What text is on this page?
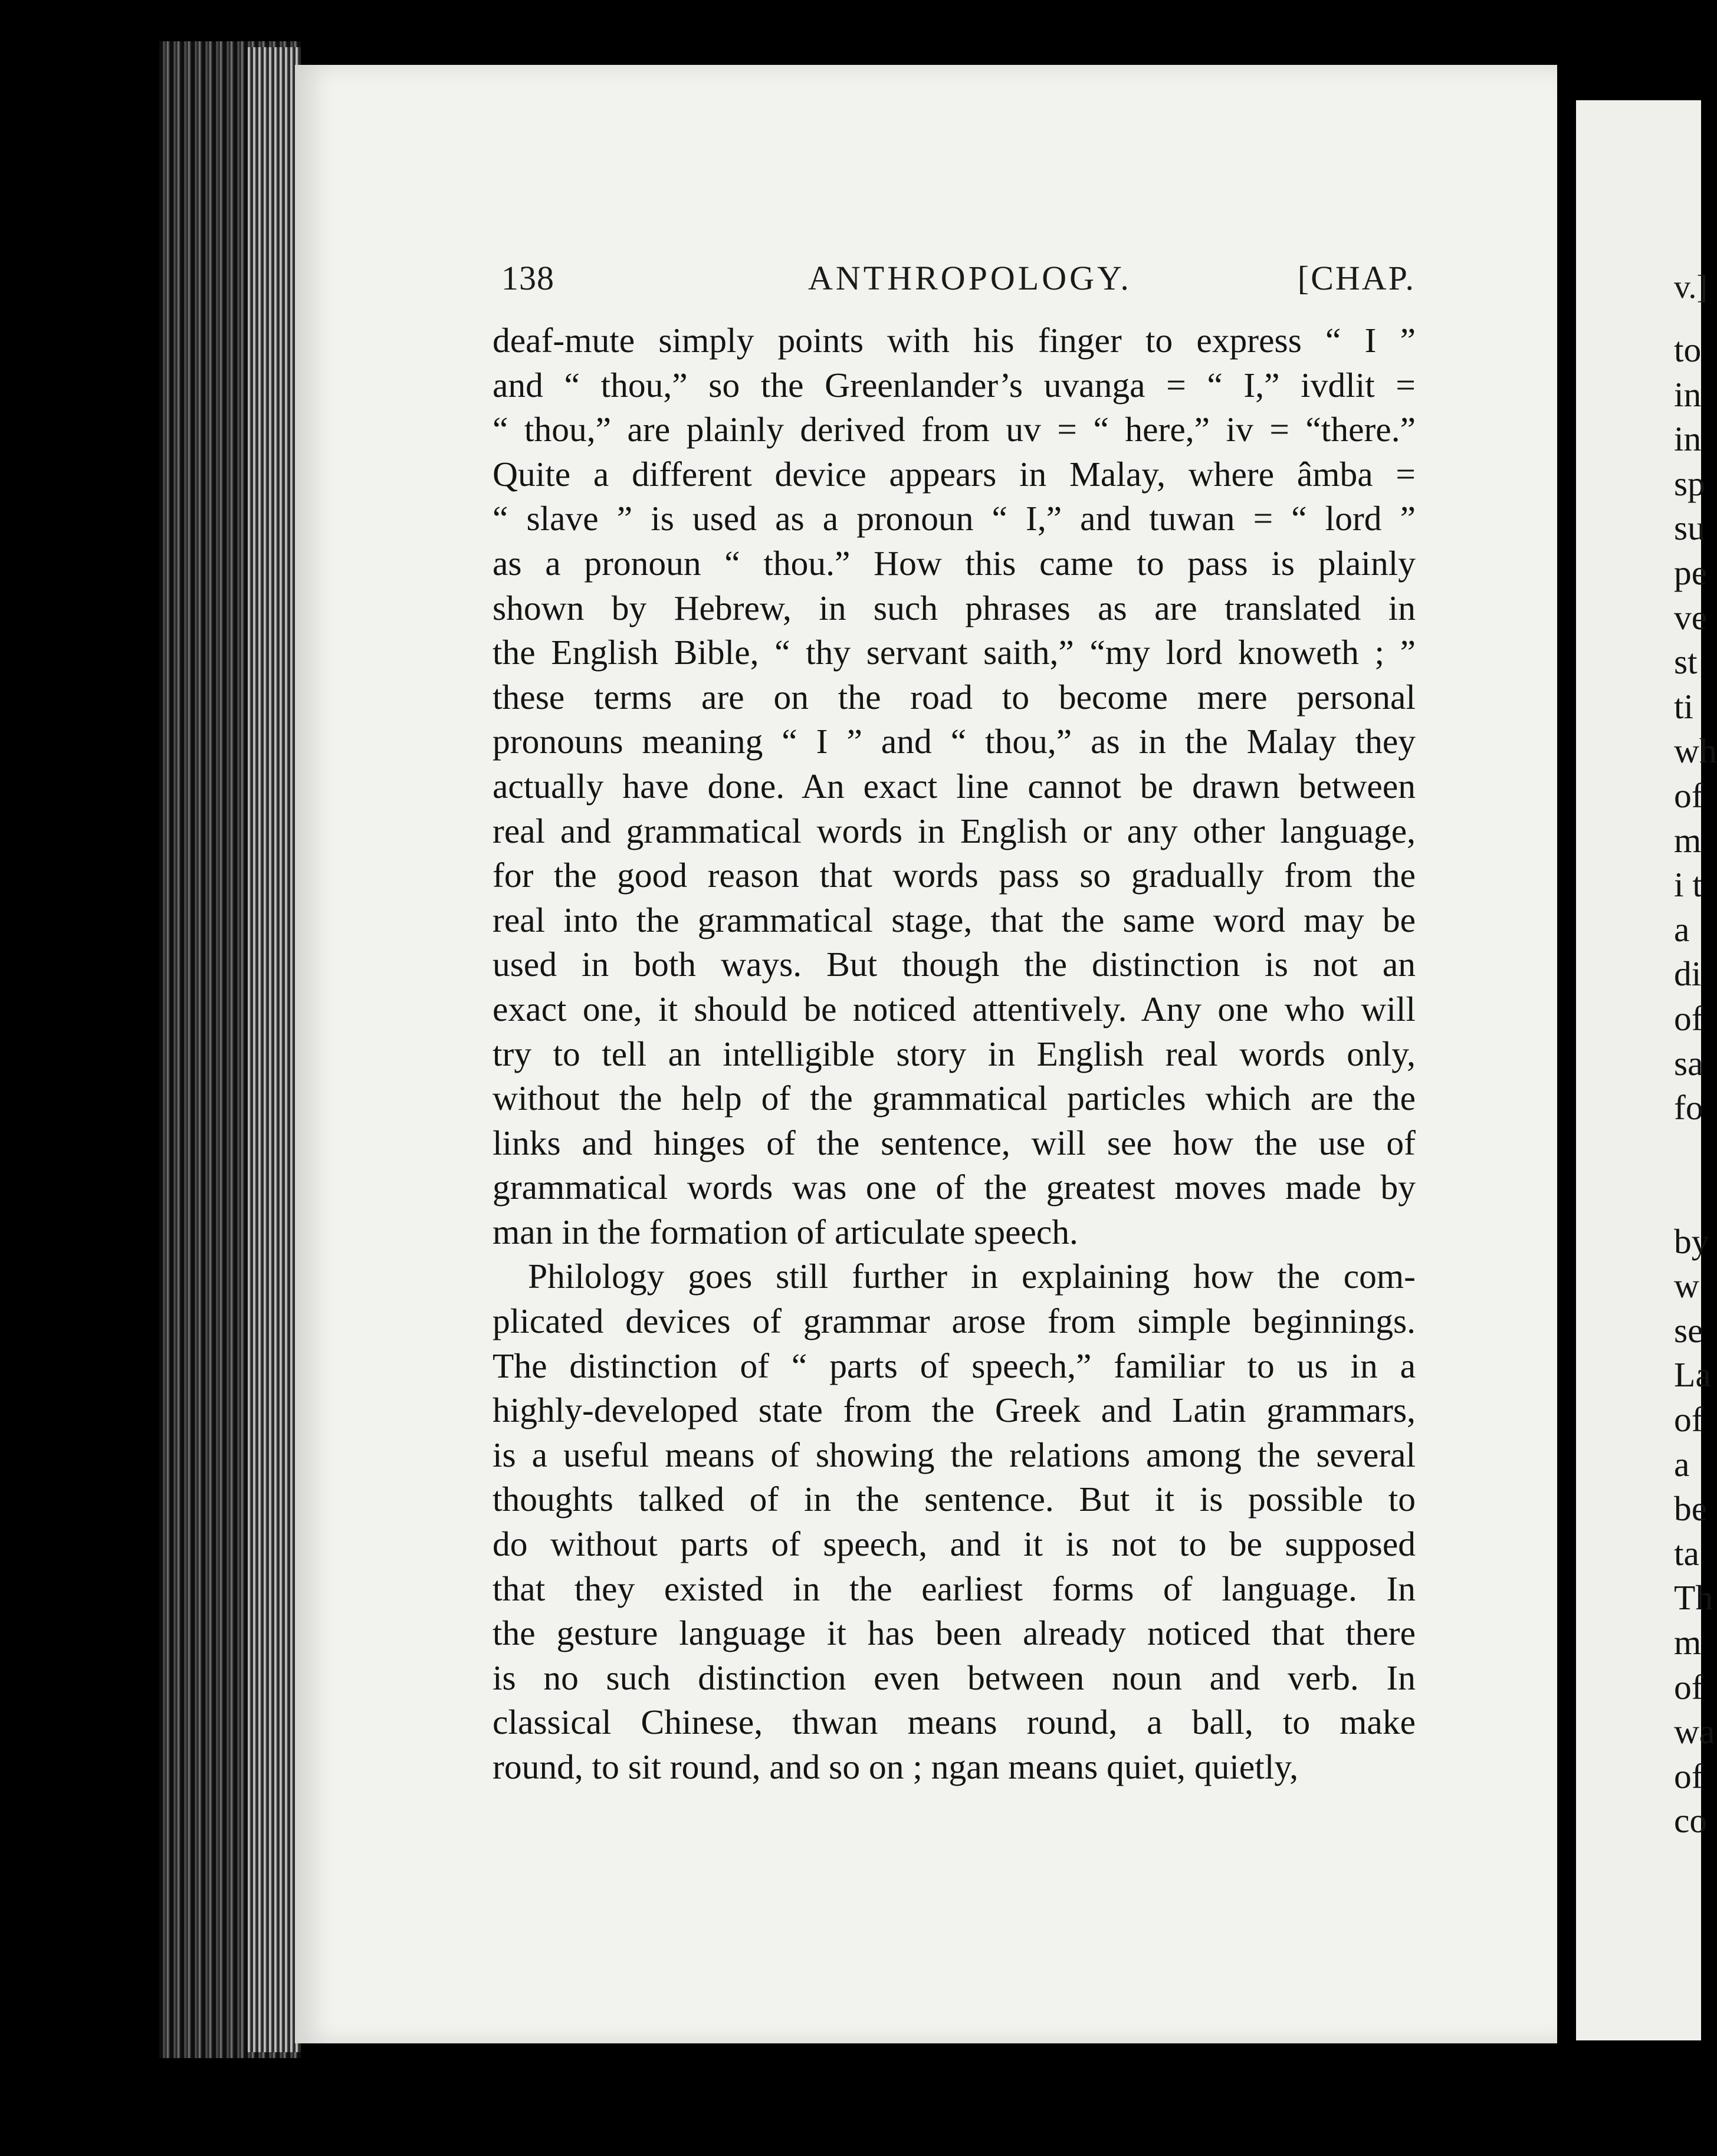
138	ANTHROPOLOGY.	[CHAP.
deaf-mute simply points with his finger to express “ I ”
and “ thou,” so the Greenlander’s uvanga = “ I,” ivdlit =
“ thou,” are plainly derived from uv = “ here,” iv = “there.”
Quite a different device appears in Malay, where âmba =
“ slave ” is used as a pronoun “ I,” and tuwan = “ lord ”
as a pronoun “ thou.” How this came to pass is plainly
shown by Hebrew, in such phrases as are translated in
the English Bible, “ thy servant saith,” “my lord knoweth ; ”
these terms are on the road to become mere personal
pronouns meaning “ I ” and “ thou,” as in the Malay they
actually have done. An exact line cannot be drawn between
real and grammatical words in English or any other language,
for the good reason that words pass so gradually from the
real into the grammatical stage, that the same word may be
used in both ways. But though the distinction is not an
exact one, it should be noticed attentively. Any one who will
try to tell an intelligible story in English real words only,
without the help of the grammatical particles which are the
links and hinges of the sentence, will see how the use of
grammatical words was one of the greatest moves made by
man in the formation of articulate speech.
Philology goes still further in explaining how the com-
plicated devices of grammar arose from simple beginnings.
The distinction of “ parts of speech,” familiar to us in a
highly-developed state from the Greek and Latin grammars,
is a useful means of showing the relations among the several
thoughts talked of in the sentence. But it is possible to
do without parts of speech, and it is not to be supposed
that they existed in the earliest forms of language. In
the gesture language it has been already noticed that there
is no such distinction even between noun and verb. In
classical Chinese, thwan means round, a ball, to make
round, to sit round, and so on ; ngan means quiet, quietly,
v.]
to
in
in
sp
su
pe
ve
st
ti
wh
of
m
i t
a
di
of
sa
fo
by
w
se
La
of
a
be
ta
Th
m
of
wa
of
co
